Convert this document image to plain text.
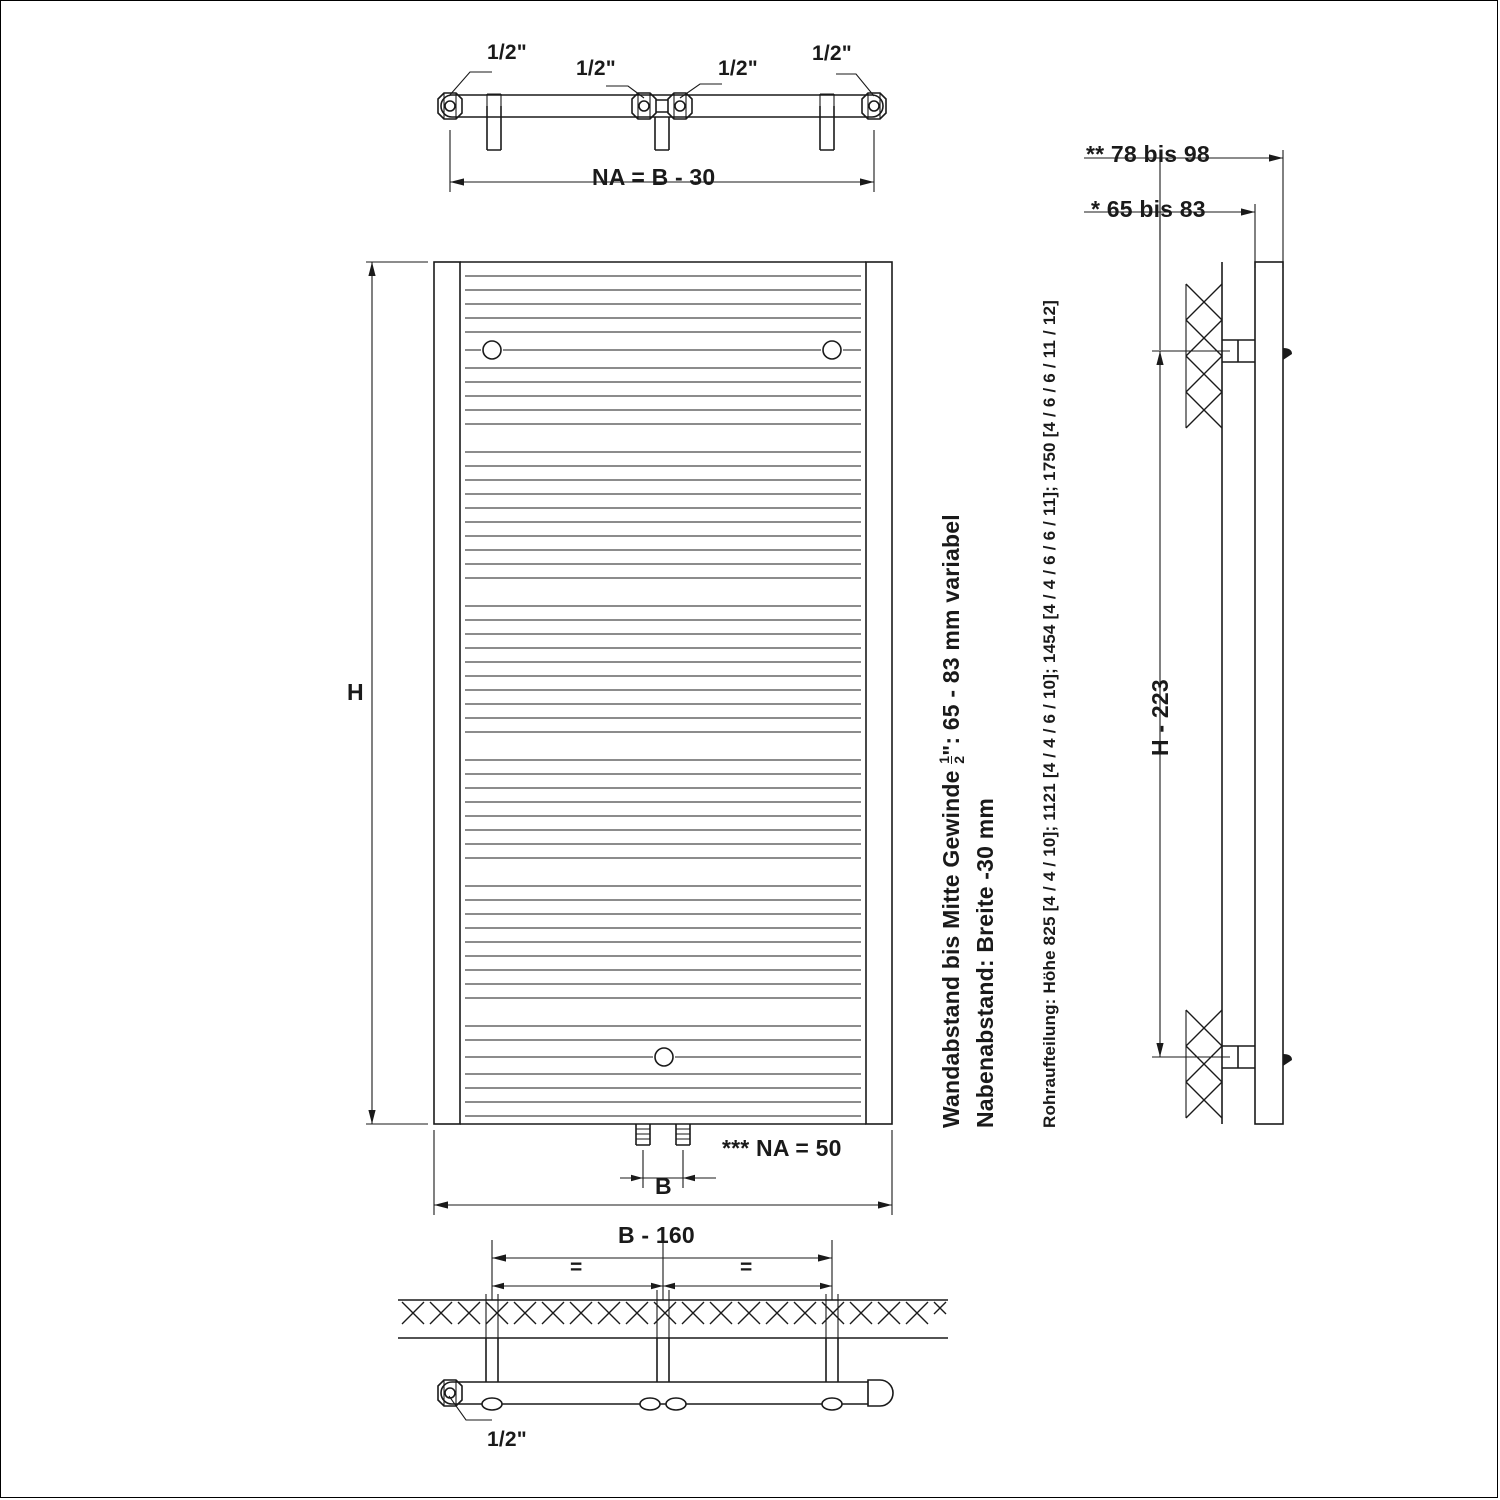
1/2"
1/2"	1/2"
1/2"
NA = B - 30
H
B
*** NA = 50
** 78 bis 98
* 65 bis 83
H - 223
B - 160
=	=
1/2"
Wandabstand bis Mitte Gewinde
1 2
": 65 - 83 mm variabel
Nabenabstand: Breite -30 mm Rohraufteilung: Höhe 825 [4 / 4 / 10]; 1121 [4 / 4 / 6 / 10]; 1454 [4 / 4 / 6 / 6 / 11]; 1750 [4 / 6 / 6 / 11 / 12]
